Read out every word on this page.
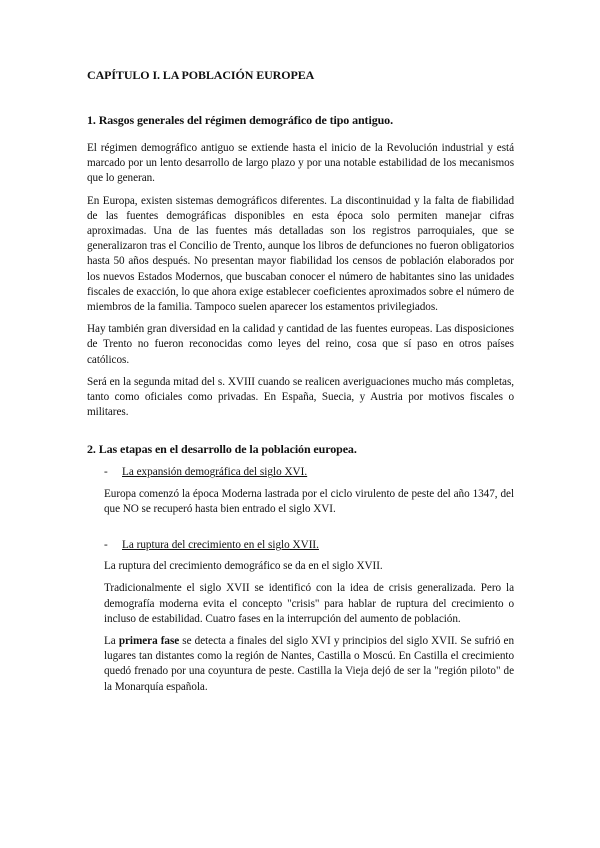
CAPÍTULO I. LA POBLACIÓN EUROPEA
1. Rasgos generales del régimen demográfico de tipo antiguo.

El régimen demográfico antiguo se extiende hasta el inicio de la Revolución industrial y está marcado por un lento desarrollo de largo plazo y por una notable estabilidad de los mecanismos que lo generan.

En Europa, existen sistemas demográficos diferentes. La discontinuidad y la falta de fiabilidad de las fuentes demográficas disponibles en esta época solo permiten manejar cifras aproximadas. Una de las fuentes más detalladas son los registros parroquiales, que se generalizaron tras el Concilio de Trento, aunque los libros de defunciones no fueron obligatorios hasta 50 años después. No presentan mayor fiabilidad los censos de población elaborados por los nuevos Estados Modernos, que buscaban conocer el número de habitantes sino las unidades fiscales de exacción, lo que ahora exige establecer coeficientes aproximados sobre el número de miembros de la familia. Tampoco suelen aparecer los estamentos privilegiados.

Hay también gran diversidad en la calidad y cantidad de las fuentes europeas. Las disposiciones de Trento no fueron reconocidas como leyes del reino, cosa que sí paso en otros países católicos.

Será en la segunda mitad del s. XVIII cuando se realicen averiguaciones mucho más completas, tanto como oficiales como privadas. En España, Suecia, y Austria por motivos fiscales o militares.

2. Las etapas en el desarrollo de la población europea.
-	La expansión demográfica del siglo XVI.

Europa comenzó la época Moderna lastrada por el ciclo virulento de peste del año 1347, del que NO se recuperó hasta bien entrado el siglo XVI.

-	La ruptura del crecimiento en el siglo XVII.

La ruptura del crecimiento demográfico se da en el siglo XVII.

Tradicionalmente el siglo XVII se identificó con la idea de crisis generalizada. Pero la demografía moderna evita el concepto "crisis" para hablar de ruptura del crecimiento o incluso de estabilidad. Cuatro fases en la interrupción del aumento de población.

La primera fase se detecta a finales del siglo XVI y principios del siglo XVII. Se sufrió en lugares tan distantes como la región de Nantes, Castilla o Moscú. En Castilla el crecimiento quedó frenado por una coyuntura de peste. Castilla la Vieja dejó de ser la "región piloto" de la Monarquía española.
